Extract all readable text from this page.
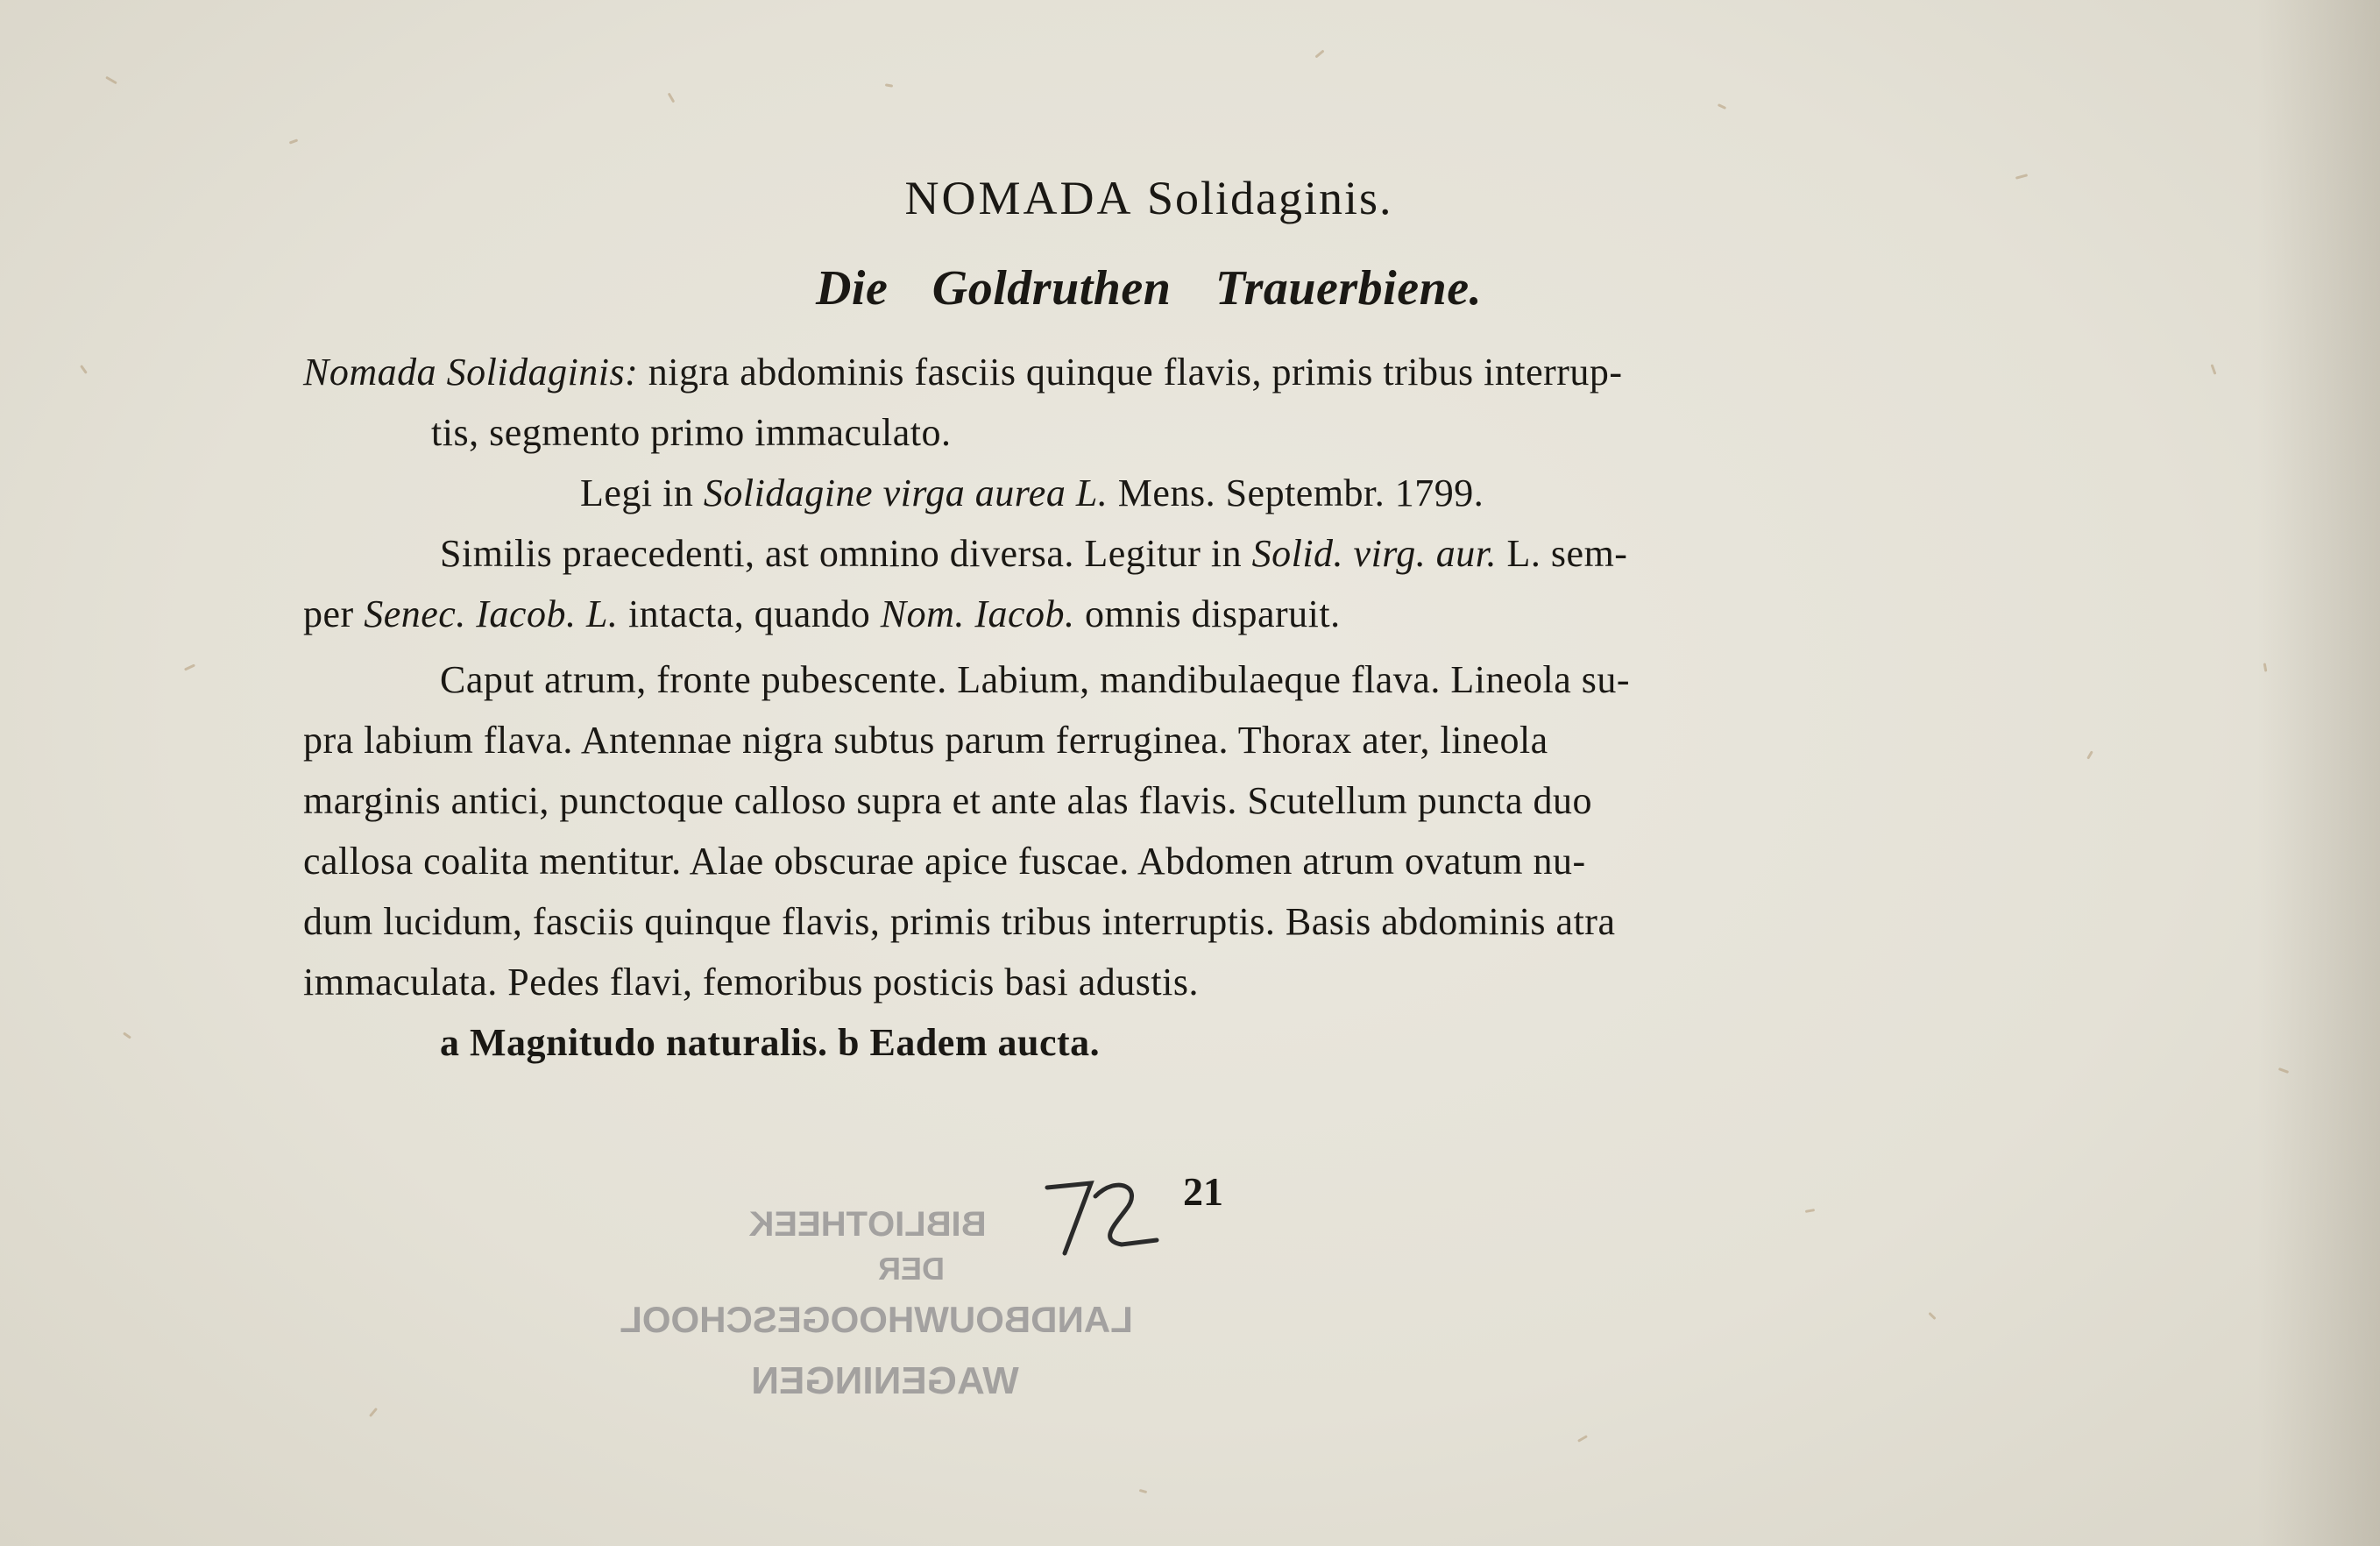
NOMADA Solidaginis.
Die Goldruthen Trauerbiene.
Nomada Solidaginis: nigra abdominis fasciis quinque flavis, primis tribus interrup-
tis, segmento primo immaculato.
Legi in Solidagine virga aurea L. Mens. Septembr. 1799.
Similis praecedenti, ast omnino diversa. Legitur in Solid. virg. aur. L. sem-
per Senec. Iacob. L. intacta, quando Nom. Iacob. omnis disparuit.
Caput atrum, fronte pubescente. Labium, mandibulaeque flava. Lineola su-
pra labium flava. Antennae nigra subtus parum ferruginea. Thorax ater, lineola
marginis antici, punctoque calloso supra et ante alas flavis. Scutellum puncta duo
callosa coalita mentitur. Alae obscurae apice fuscae. Abdomen atrum ovatum nu-
dum lucidum, fasciis quinque flavis, primis tribus interruptis. Basis abdominis atra
immaculata. Pedes flavi, femoribus posticis basi adustis.
a Magnitudo naturalis. b Eadem aucta.
21
BIBLIOTHEEK
DER
LANDBOUWHOOGESCHOOL
WAGENINGEN
